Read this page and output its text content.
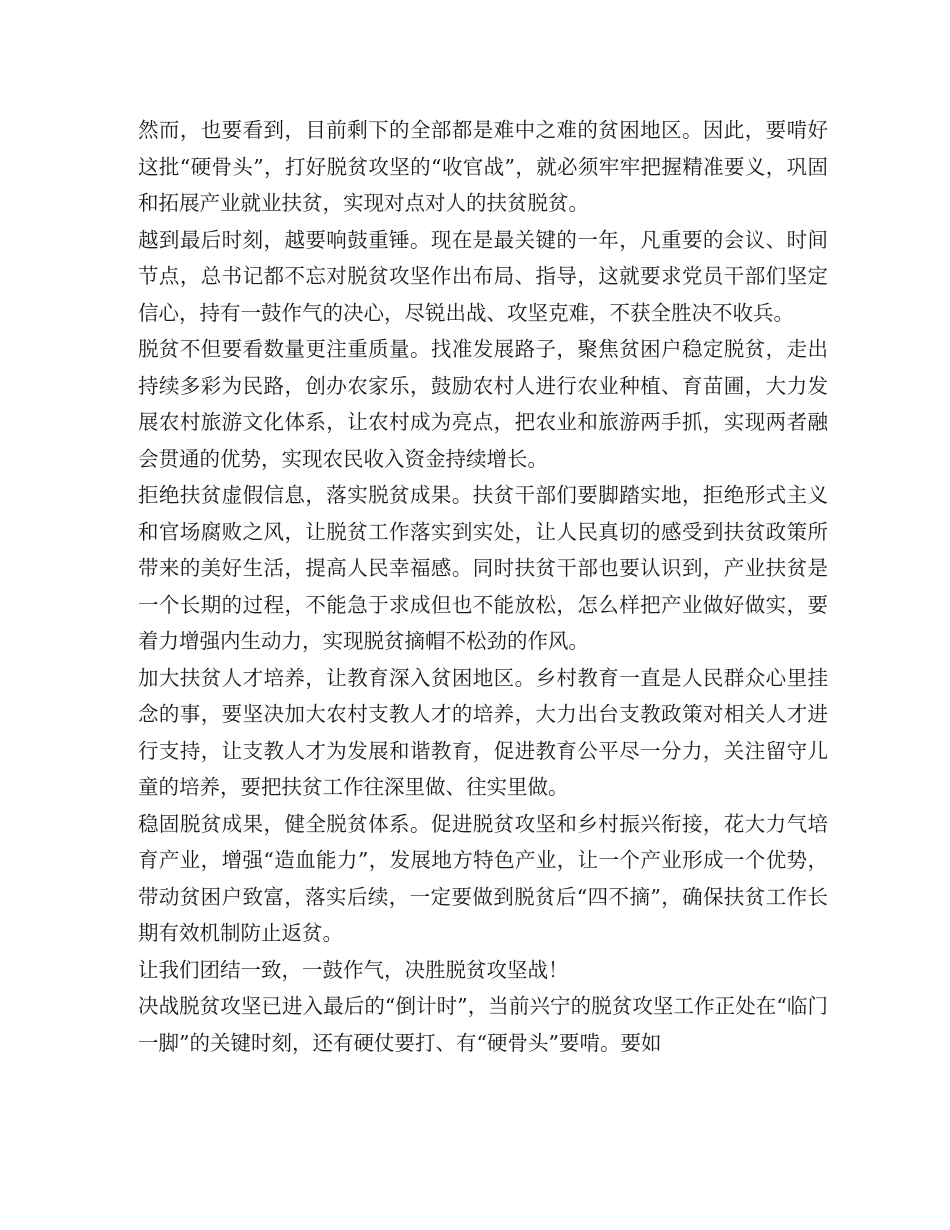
然而，也要看到，目前剩下的全部都是难中之难的贫困地区。因此，要啃好这批“硬骨头”，打好脱贫攻坚的“收官战”，就必须牢牢把握精准要义，巩固和拓展产业就业扶贫，实现对点对人的扶贫脱贫。

越到最后时刻，越要响鼓重锤。现在是最关键的一年，凡重要的会议、时间节点，总书记都不忘对脱贫攻坚作出布局、指导，这就要求党员干部们坚定信心，持有一鼓作气的决心，尽锐出战、攻坚克难，不获全胜决不收兵。

脱贫不但要看数量更注重质量。找准发展路子，聚焦贫困户稳定脱贫，走出持续多彩为民路，创办农家乐，鼓励农村人进行农业种植、育苗圃，大力发展农村旅游文化体系，让农村成为亮点，把农业和旅游两手抓，实现两者融会贯通的优势，实现农民收入资金持续增长。

拒绝扶贫虚假信息，落实脱贫成果。扶贫干部们要脚踏实地，拒绝形式主义和官场腐败之风，让脱贫工作落实到实处，让人民真切的感受到扶贫政策所带来的美好生活，提高人民幸福感。同时扶贫干部也要认识到，产业扶贫是一个长期的过程，不能急于求成但也不能放松，怎么样把产业做好做实，要着力增强内生动力，实现脱贫摘帽不松劲的作风。

加大扶贫人才培养，让教育深入贫困地区。乡村教育一直是人民群众心里挂念的事，要坚决加大农村支教人才的培养，大力出台支教政策对相关人才进行支持，让支教人才为发展和谐教育，促进教育公平尽一分力，关注留守儿童的培养，要把扶贫工作往深里做、往实里做。

稳固脱贫成果，健全脱贫体系。促进脱贫攻坚和乡村振兴衔接，花大力气培育产业，增强“造血能力”，发展地方特色产业，让一个产业形成一个优势，带动贫困户致富，落实后续，一定要做到脱贫后“四不摘”，确保扶贫工作长期有效机制防止返贫。

让我们团结一致，一鼓作气，决胜脱贫攻坚战！

决战脱贫攻坚已进入最后的“倒计时”，当前兴宁的脱贫攻坚工作正处在“临门一脚”的关键时刻，还有硬仗要打、有“硬骨头”要啃。要如
